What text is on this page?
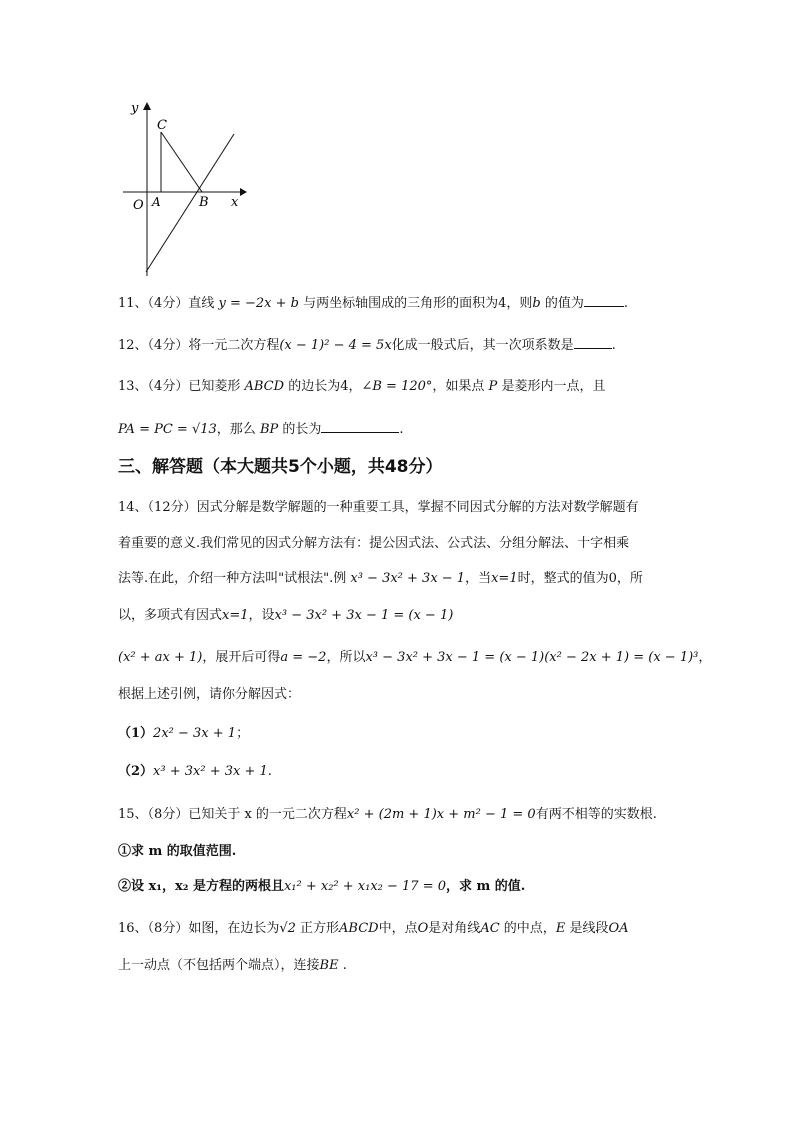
y
C
x
O A	B
11、（4分）直线 y = −2x + b 与两坐标轴围成的三角形的面积为4，则b 的值为	.
12、（4分）将一元二次方程(x − 1)² − 4 = 5x化成一般式后，其一次项系数是	.
13、（4分）已知菱形 ABCD 的边长为4，∠B = 120°，如果点 P 是菱形内一点，且
PA = PC = √13，那么 BP 的长为	.
三、解答题（本大题共5个小题，共48分）
14、（12分）因式分解是数学解题的一种重要工具，掌握不同因式分解的方法对数学解题有
着重要的意义.我们常见的因式分解方法有：提公因式法、公式法、分组分解法、十字相乘
法等.在此，介绍一种方法叫"试根法".例 x³ − 3x² + 3x − 1，当x=1时，整式的值为0，所
以，多项式有因式x=1，设x³ − 3x² + 3x − 1 = (x − 1)
(x² + ax + 1)，展开后可得a = −2，所以x³ − 3x² + 3x − 1 = (x − 1)(x² − 2x + 1) = (x − 1)³，
根据上述引例，请你分解因式：
（1）2x² − 3x + 1；
（2）x³ + 3x² + 3x + 1.
15、（8分）已知关于 x 的一元二次方程x² + (2m + 1)x + m² − 1 = 0有两不相等的实数根.
①求 m 的取值范围.
②设 x₁，x₂ 是方程的两根且x₁² + x₂² + x₁x₂ − 17 = 0，求 m 的值.
16、（8分）如图，在边长为√2 正方形ABCD中，点O是对角线AC 的中点，E 是线段OA
上一动点（不包括两个端点），连接BE .
